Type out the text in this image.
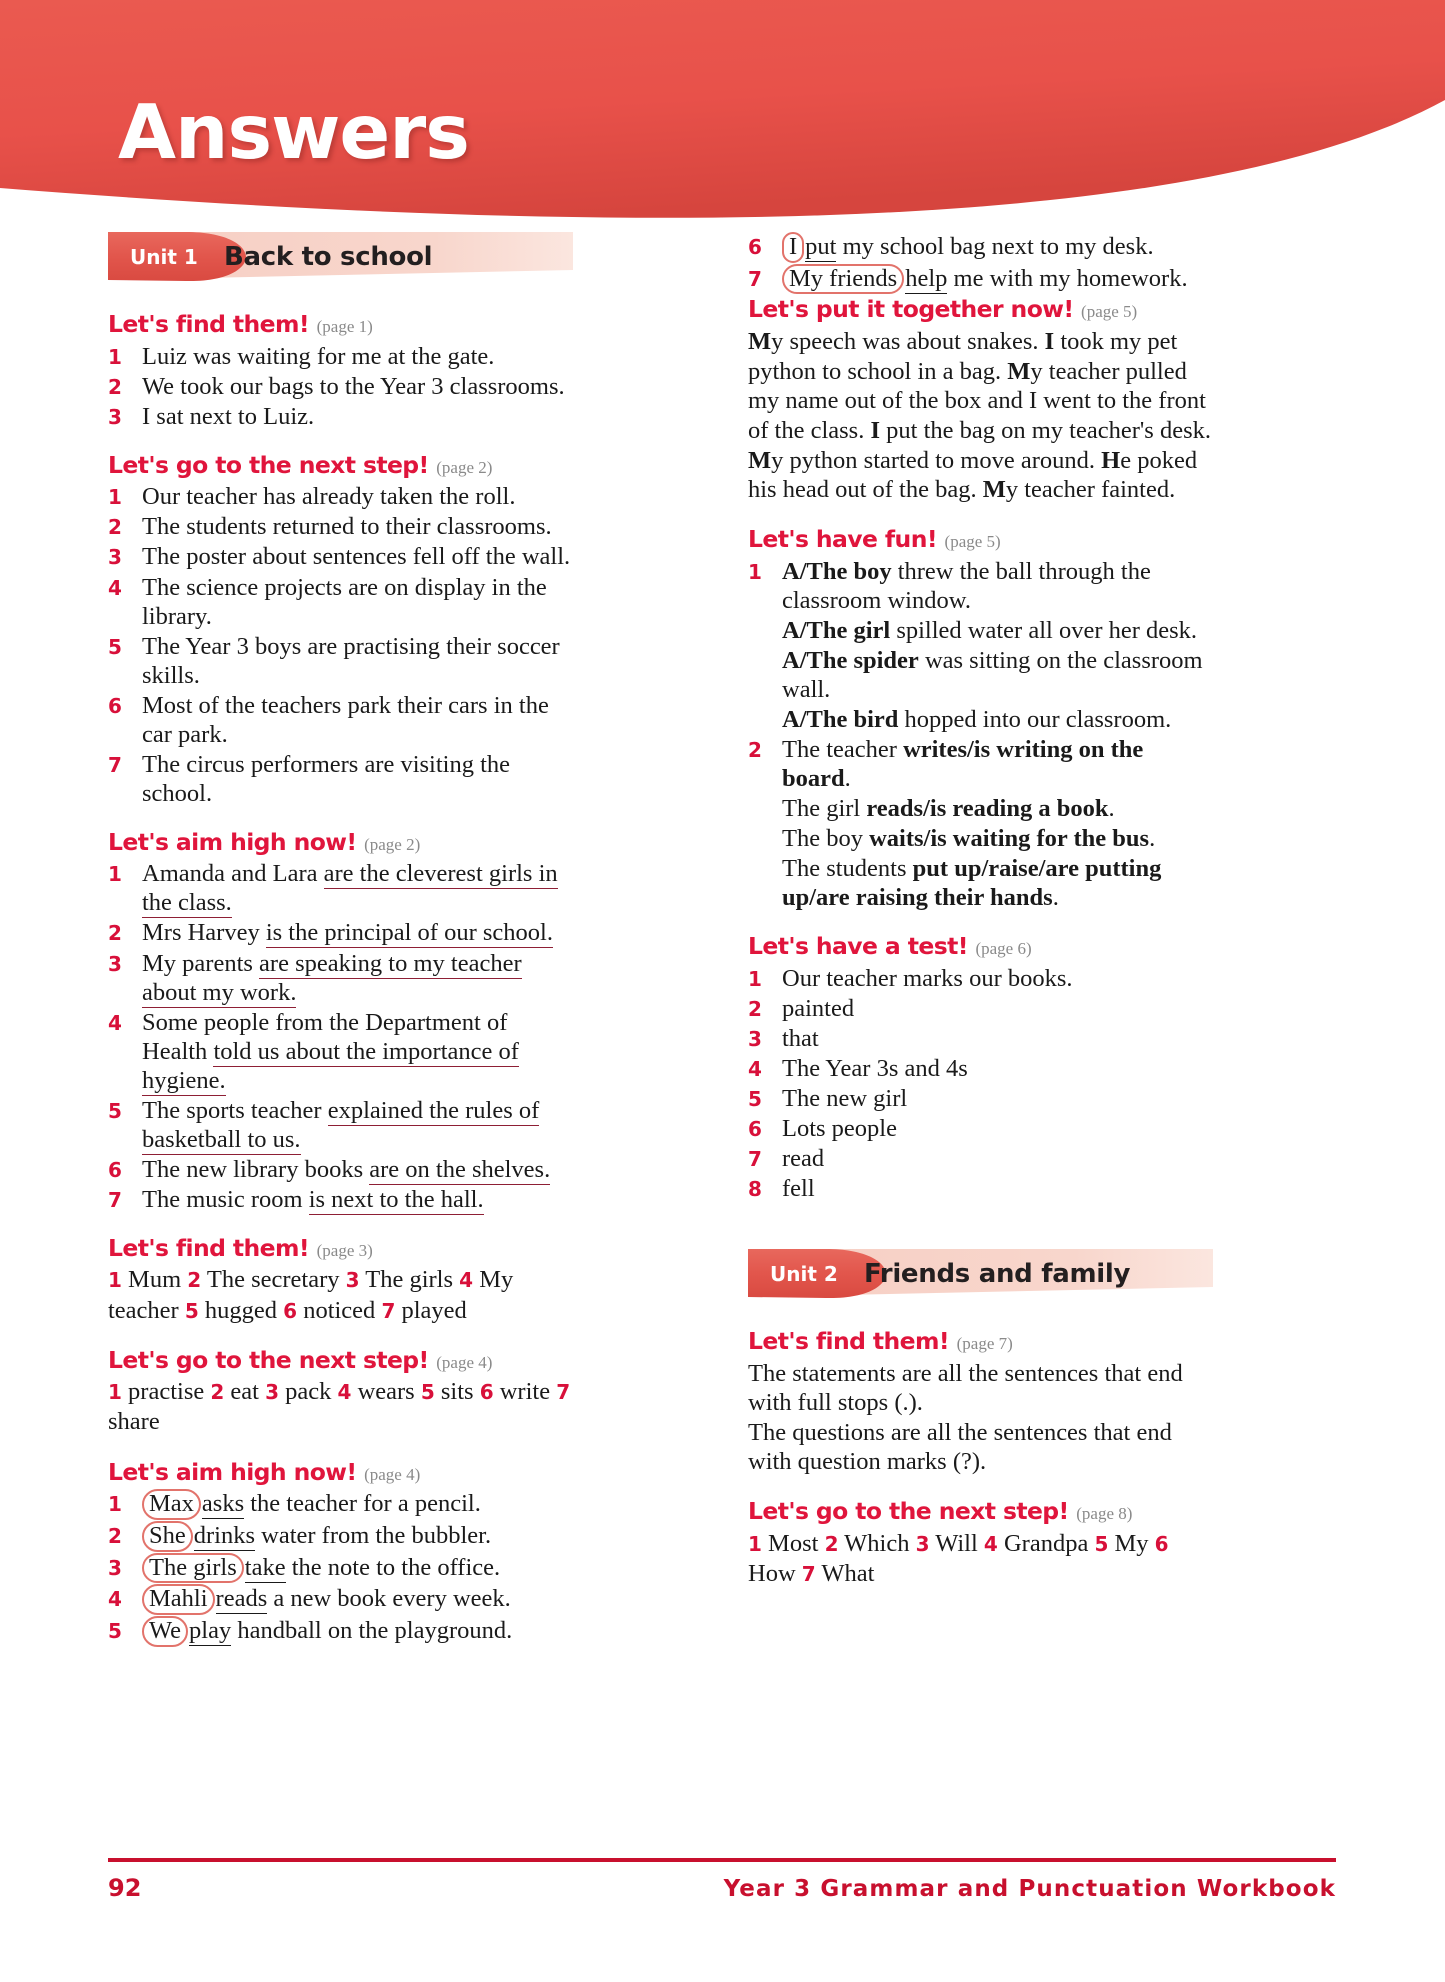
Answers
Unit 1 Back to school
Let's find them! (page 1)
1 Luiz was waiting for me at the gate.
2 We took our bags to the Year 3 classrooms.
3 I sat next to Luiz.
Let's go to the next step! (page 2)
1 Our teacher has already taken the roll.
2 The students returned to their classrooms.
3 The poster about sentences fell off the wall.
4 The science projects are on display in the library.
5 The Year 3 boys are practising their soccer skills.
6 Most of the teachers park their cars in the car park.
7 The circus performers are visiting the school.
Let's aim high now! (page 2)
1 Amanda and Lara are the cleverest girls in the class.
2 Mrs Harvey is the principal of our school.
3 My parents are speaking to my teacher about my work.
4 Some people from the Department of Health told us about the importance of hygiene.
5 The sports teacher explained the rules of basketball to us.
6 The new library books are on the shelves.
7 The music room is next to the hall.
Let's find them! (page 3)
1 Mum 2 The secretary 3 The girls 4 My teacher 5 hugged 6 noticed 7 played
Let's go to the next step! (page 4)
1 practise 2 eat 3 pack 4 wears 5 sits 6 write 7 share
Let's aim high now! (page 4)
1	Max asks the teacher for a pencil.
2	She drinks water from the bubbler.
3	The girls take the note to the office.
4	Mahli reads a new book every week.
5	We play handball on the playground.
6	I put my school bag next to my desk.
7	My friends help me with my homework.
Let's put it together now! (page 5)
My speech was about snakes. I took my pet python to school in a bag. My teacher pulled my name out of the box and I went to the front of the class. I put the bag on my teacher's desk. My python started to move around. He poked his head out of the bag. My teacher fainted.
Let's have fun! (page 5)
1 A/The boy threw the ball through the classroom window.
A/The girl spilled water all over her desk.
A/The spider was sitting on the classroom wall.
A/The bird hopped into our classroom.
2 The teacher writes/is writing on the board.
The girl reads/is reading a book.
The boy waits/is waiting for the bus.
The students put up/raise/are putting up/are raising their hands.
Let's have a test! (page 6)
1 Our teacher marks our books.
2 painted
3 that
4 The Year 3s and 4s
5 The new girl
6 Lots people
7 read
8 fell
Unit 2 Friends and family
Let's find them! (page 7)
The statements are all the sentences that end with full stops (.).
The questions are all the sentences that end with question marks (?).
Let's go to the next step! (page 8)
1 Most 2 Which 3 Will 4 Grandpa 5 My 6 How 7 What
92	Year 3 Grammar and Punctuation Workbook
